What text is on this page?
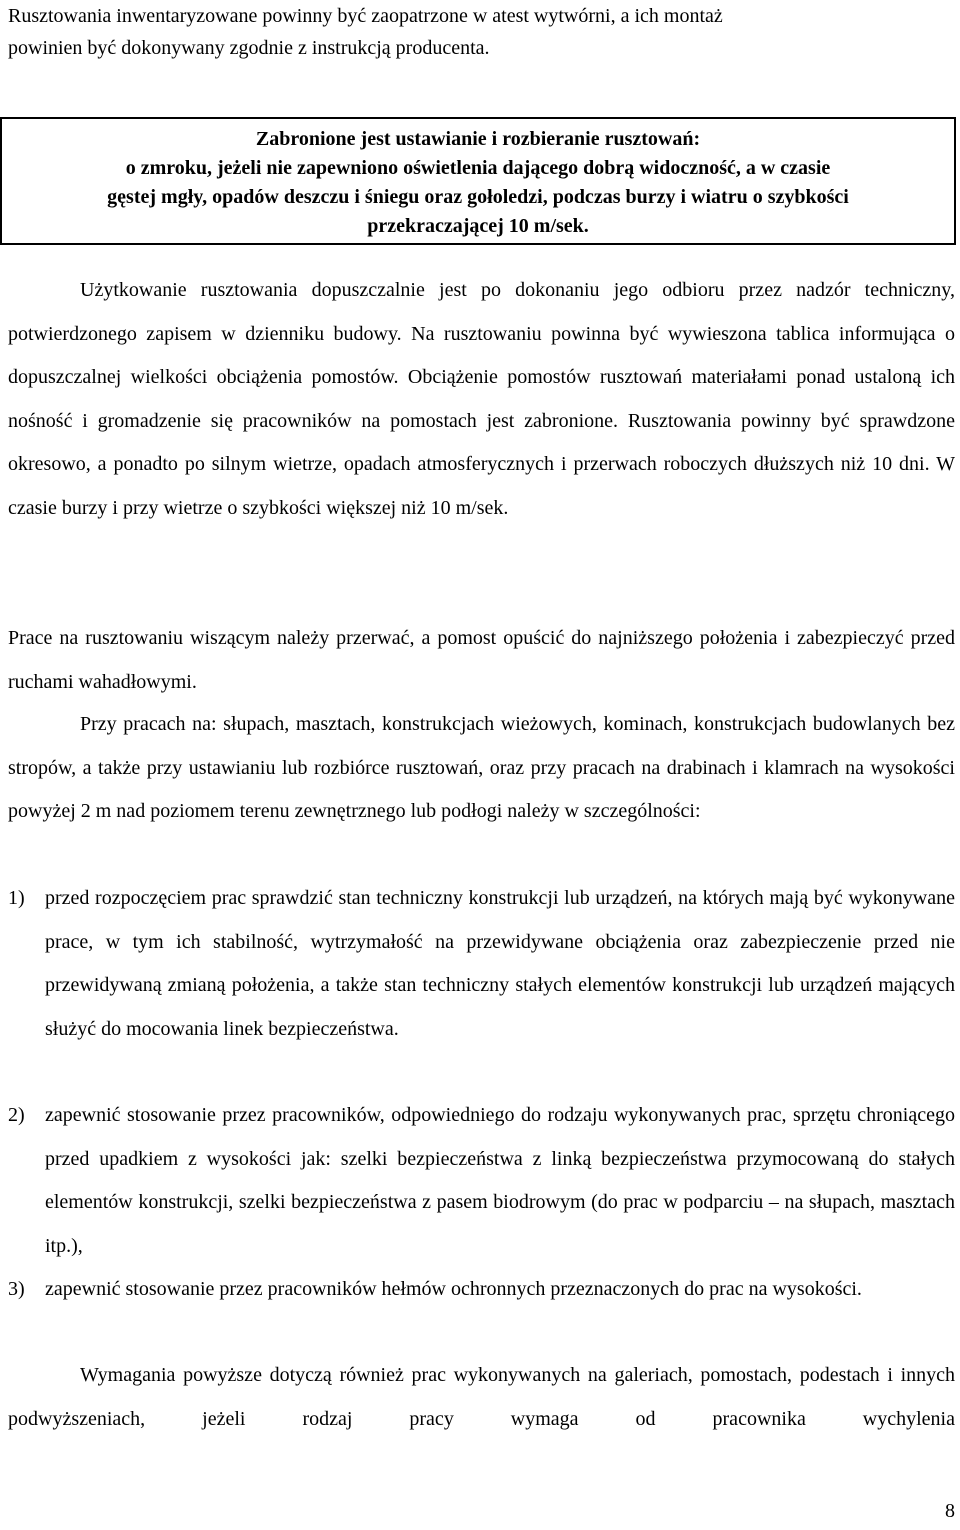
Rusztowania inwentaryzowane powinny być zaopatrzone w atest wytwórni, a ich montaż
powinien być dokonywany zgodnie z instrukcją producenta.

Zabronione jest ustawianie i rozbieranie rusztowań:
o zmroku, jeżeli nie zapewniono oświetlenia dającego dobrą widoczność, a w czasie
gęstej mgły, opadów deszczu i śniegu oraz gołoledzi, podczas burzy i wiatru o szybkości
przekraczającej 10 m/sek.

Użytkowanie rusztowania dopuszczalnie jest po dokonaniu jego odbioru przez nadzór techniczny, potwierdzonego zapisem w dzienniku budowy. Na rusztowaniu powinna być wywieszona tablica informująca o dopuszczalnej wielkości obciążenia pomostów. Obciążenie pomostów rusztowań materiałami ponad ustaloną ich nośność i gromadzenie się pracowników na pomostach jest zabronione. Rusztowania powinny być sprawdzone okresowo, a ponadto po silnym wietrze, opadach atmosferycznych i przerwach roboczych dłuższych niż 10 dni. W czasie burzy i przy wietrze o szybkości większej niż 10 m/sek.

Prace na rusztowaniu wiszącym należy przerwać, a pomost opuścić do najniższego położenia i zabezpieczyć przed ruchami wahadłowymi.

Przy pracach na: słupach, masztach, konstrukcjach wieżowych, kominach, konstrukcjach budowlanych bez stropów, a także przy ustawianiu lub rozbiórce rusztowań, oraz przy pracach na drabinach i klamrach na wysokości powyżej 2 m nad poziomem terenu zewnętrznego lub podłogi należy w szczególności:

1) przed rozpoczęciem prac sprawdzić stan techniczny konstrukcji lub urządzeń, na których mają być wykonywane prace, w tym ich stabilność, wytrzymałość na przewidywane obciążenia oraz zabezpieczenie przed nie przewidywaną zmianą położenia, a także stan techniczny stałych elementów konstrukcji lub urządzeń mających służyć do mocowania linek bezpieczeństwa.
2) zapewnić stosowanie przez pracowników, odpowiedniego do rodzaju wykonywanych prac, sprzętu chroniącego przed upadkiem z wysokości jak: szelki bezpieczeństwa z linką bezpieczeństwa przymocowaną do stałych elementów konstrukcji, szelki bezpieczeństwa z pasem biodrowym (do prac w podparciu – na słupach, masztach itp.),
3) zapewnić stosowanie przez pracowników hełmów ochronnych przeznaczonych do prac na wysokości.

Wymagania powyższe dotyczą również prac wykonywanych na galeriach, pomostach, podestach i innych podwyższeniach, jeżeli rodzaj pracy wymaga od pracownika wychylenia

8
